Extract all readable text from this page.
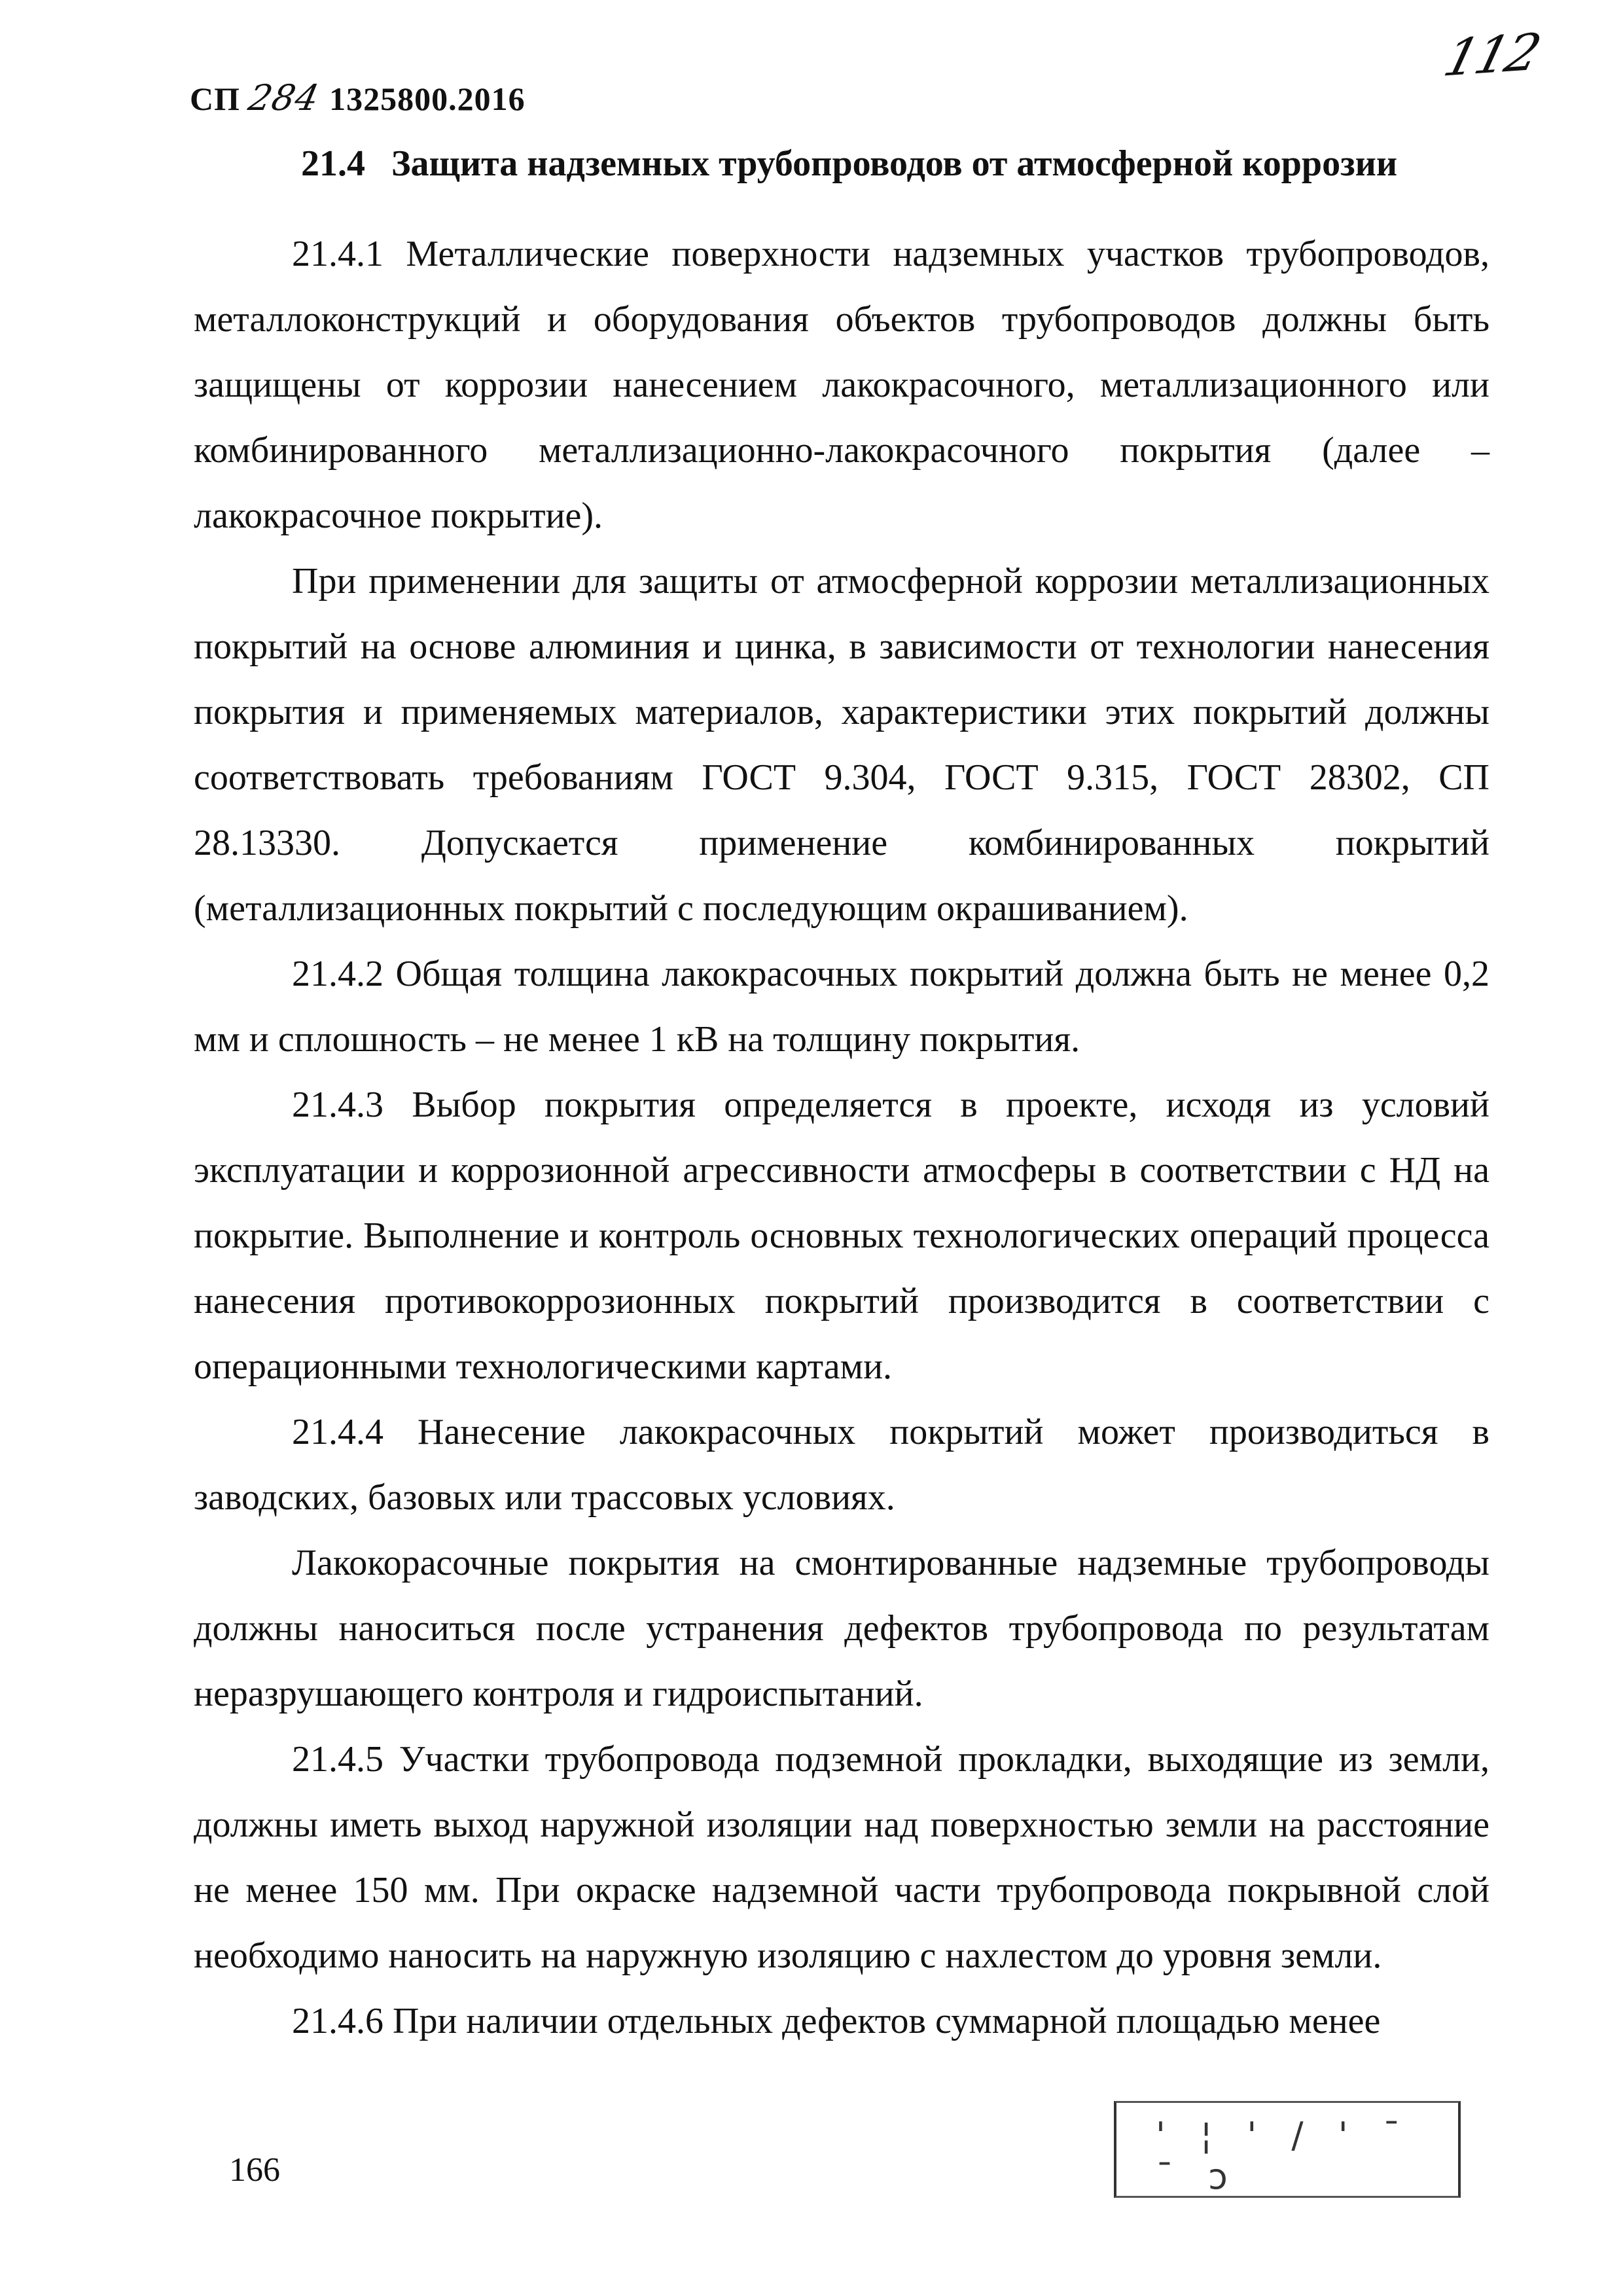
СП 284 1325800.2016
112
21.4 Защита надземных трубопроводов от атмосферной коррозии

21.4.1 Металлические поверхности надземных участков трубопроводов, металлоконструкций и оборудования объектов трубопроводов должны быть защищены от коррозии нанесением лакокрасочного, металлизационного или комбинированного металлизационно-лакокрасочного покрытия (далее – лакокрасочное покрытие).

При применении для защиты от атмосферной коррозии металлизационных покрытий на основе алюминия и цинка, в зависимости от технологии нанесения покрытия и применяемых материалов, характеристики этих покрытий должны соответствовать требованиям ГОСТ 9.304, ГОСТ 9.315, ГОСТ 28302, СП 28.13330. Допускается применение комбинированных покрытий (металлизационных покрытий с последующим окрашиванием).

21.4.2 Общая толщина лакокрасочных покрытий должна быть не менее 0,2 мм и сплошность – не менее 1 кВ на толщину покрытия.

21.4.3 Выбор покрытия определяется в проекте, исходя из условий эксплуатации и коррозионной агрессивности атмосферы в соответствии с НД на покрытие. Выполнение и контроль основных технологических операций процесса нанесения противокоррозионных покрытий производится в соответствии с операционными технологическими картами.

21.4.4 Нанесение лакокрасочных покрытий может производиться в заводских, базовых или трассовых условиях.

Лакокорасочные покрытия на смонтированные надземные трубопроводы должны наноситься после устранения дефектов трубопровода по результатам неразрушающего контроля и гидроиспытаний.

21.4.5 Участки трубопровода подземной прокладки, выходящие из земли, должны иметь выход наружной изоляции над поверхностью земли на расстояние не менее 150 мм. При окраске надземной части трубопровода покрывной слой необходимо наносить на наружную изоляцию с нахлестом до уровня земли.

21.4.6 При наличии отдельных дефектов суммарной площадью менее

166
' ¦ ' / ' ˉ ˉ ɔ
